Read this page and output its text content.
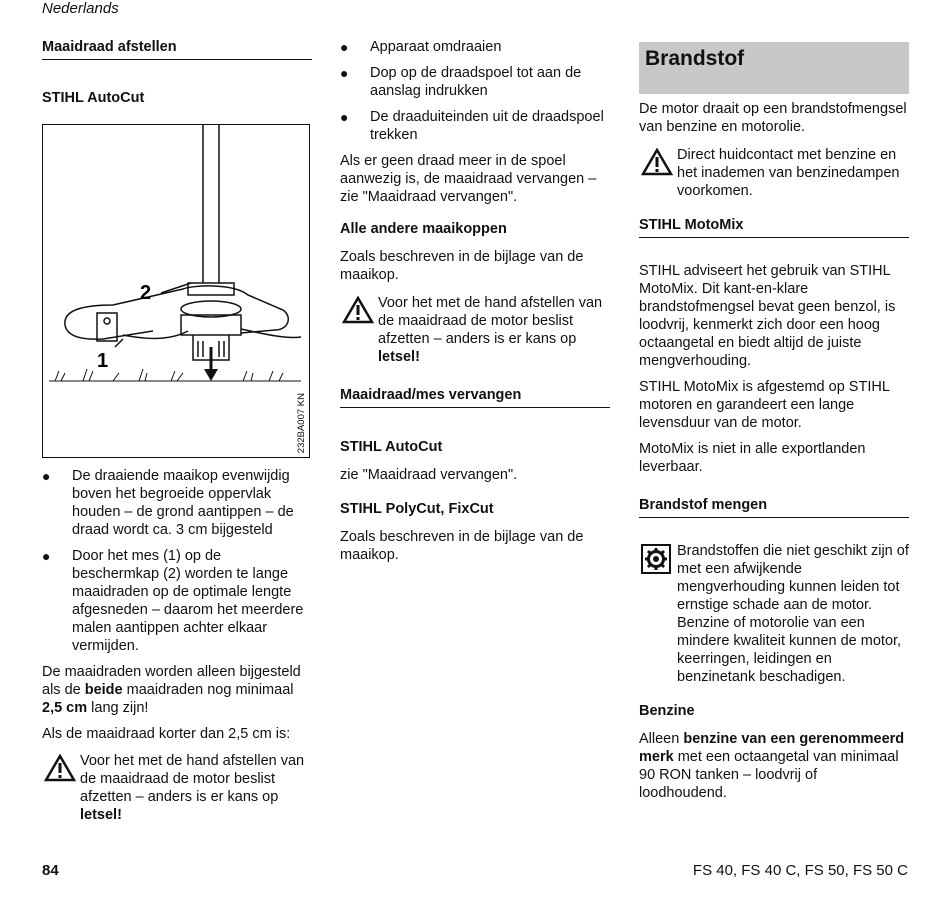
Nederlands
Maaidraad afstellen
STIHL AutoCut
2
1
232BA007 KN
● De draaiende maaikop evenwijdig boven het begroeide oppervlak houden – de grond aantippen – de draad wordt ca. 3 cm bijgesteld
● Door het mes (1) op de beschermkap (2) worden te lange maaidraden op de optimale lengte afgesneden – daarom het meerdere malen aantippen achter elkaar vermijden.

De maaidraden worden alleen bijgesteld als de beide maaidraden nog minimaal 2,5 cm lang zijn!

Als de maaidraad korter dan 2,5 cm is:

Voor het met de hand afstellen van de maaidraad de motor beslist afzetten – anders is er kans op letsel!
● Apparaat omdraaien
● Dop op de draadspoel tot aan de aanslag indrukken
● De draaduiteinden uit de draadspoel trekken

Als er geen draad meer in de spoel aanwezig is, de maaidraad vervangen – zie "Maaidraad vervangen".

Alle andere maaikoppen

Zoals beschreven in de bijlage van de maaikop.

Voor het met de hand afstellen van de maaidraad de motor beslist afzetten – anders is er kans op letsel!
Maaidraad/mes vervangen
STIHL AutoCut

zie "Maaidraad vervangen".

STIHL PolyCut, FixCut

Zoals beschreven in de bijlage van de maaikop.

Brandstof

De motor draait op een brandstofmengsel van benzine en motorolie.

Direct huidcontact met benzine en het inademen van benzinedampen voorkomen.
STIHL MotoMix

STIHL adviseert het gebruik van STIHL MotoMix. Dit kant-en-klare brandstofmengsel bevat geen benzol, is loodvrij, kenmerkt zich door een hoog octaangetal en biedt altijd de juiste mengverhouding.

STIHL MotoMix is afgestemd op STIHL motoren en garandeert een lange levensduur van de motor.

MotoMix is niet in alle exportlanden leverbaar.

Brandstof mengen
Brandstoffen die niet geschikt zijn of met een afwijkende mengverhouding kunnen leiden tot ernstige schade aan de motor. Benzine of motorolie van een mindere kwaliteit kunnen de motor, keerringen, leidingen en benzinetank beschadigen.
Benzine

Alleen benzine van een gerenommeerd merk met een octaangetal van minimaal 90 RON tanken – loodvrij of loodhoudend.

84	FS 40, FS 40 C, FS 50, FS 50 C
